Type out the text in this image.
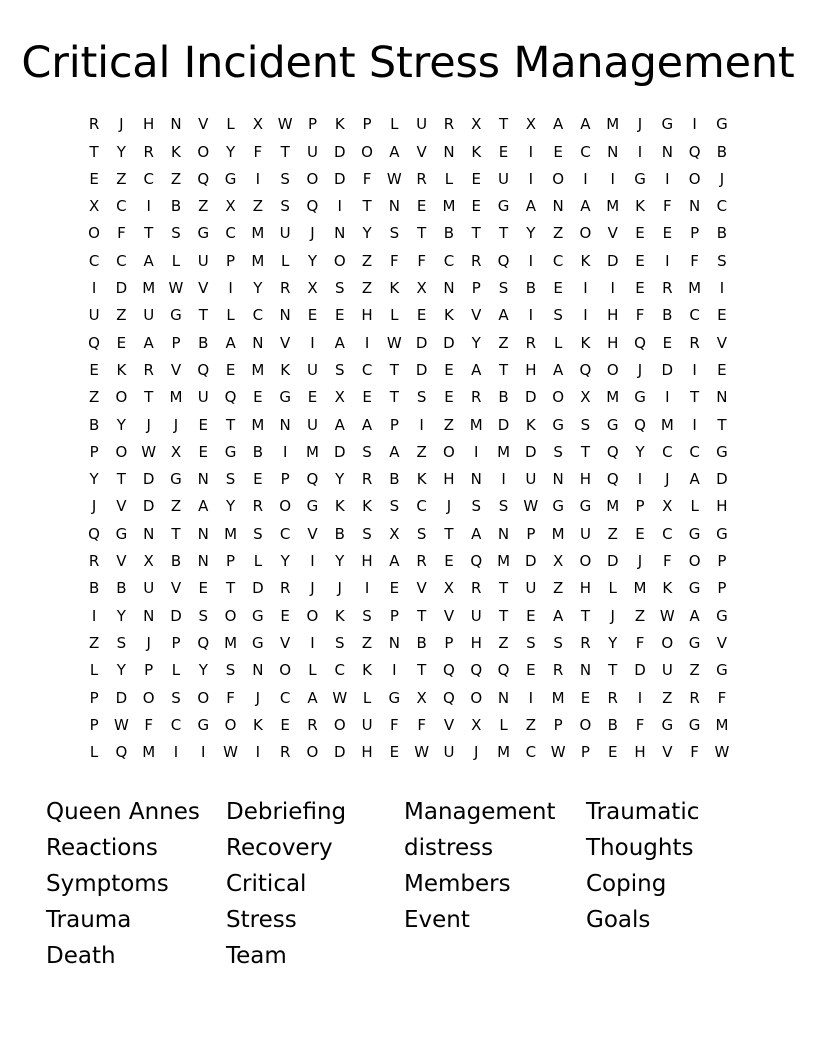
Critical Incident Stress Management
R	J	H	N	V	L	X W	P	K	P	L	U	R	X	T	X	A	A	M	J	G	I	G
T	Y	R	K	O	Y	F	T	U	D	O	A	V	N	K	E	I	E	C	N	I	N	Q	B
E	Z	C	Z	Q	G	I	S	O	D	F	W R	L	E	U	I	O	I	I	G	I	O	J
X	C	I	B	Z	X	Z	S	Q	I	T	N	E	M	E	G	A	N	A	M	K	F	N	C
O	F	T	S	G	C	M	U	J	N	Y	S	T	B	T	T	Y	Z	O	V	E	E	P	B
C	C	A	L	U	P	M	L	Y	O	Z	F	F	C	R	Q	I	C	K	D	E	I	F	S
I	D	M W V	I	Y	R	X	S	Z	K	X	N	P	S	B	E	I	I	E	R	M	I
U	Z	U	G	T	L	C	N	E	E	H	L	E	K	V	A	I	S	I	H	F	B	C	E
Q	E	A	P	B	A	N	V	I	A	I	W D	D	Y	Z	R	L	K	H	Q	E	R	V
E	K	R	V	Q	E	M	K	U	S	C	T	D	E	A	T	H	A	Q	O	J	D	I	E
Z	O	T	M	U	Q	E	G	E	X	E	T	S	E	R	B	D	O	X	M	G	I	T	N
B	Y	J	J	E	T	M	N	U	A	A	P	I	Z	M	D	K	G	S	G	Q M	I	T
P	O W X	E	G	B	I	M	D	S	A	Z	O	I	M	D	S	T	Q	Y	C	C	G
Y	T	D	G	N	S	E	P	Q	Y	R	B	K	H	N	I	U	N	H	Q	I	J	A	D
J	V	D	Z	A	Y	R	O	G	K	K	S	C	J	S	S	W G	G	M	P	X	L	H
Q	G	N	T	N	M	S	C	V	B	S	X	S	T	A	N	P	M	U	Z	E	C	G	G
R	V	X	B	N	P	L	Y	I	Y	H	A	R	E	Q M	D	X	O	D	J	F	O	P
B	B	U	V	E	T	D	R	J	J	I	E	V	X	R	T	U	Z	H	L	M	K	G	P
I	Y	N	D	S	O	G	E	O	K	S	P	T	V	U	T	E	A	T	J	Z W A	G
Z	S	J	P	Q M	G	V	I	S	Z	N	B	P	H	Z	S	S	R	Y	F	O	G	V
L	Y	P	L	Y	S	N	O	L	C	K	I	T	Q	Q	Q	E	R	N	T	D	U	Z	G
P	D	O	S	O	F	J	C	A W	L	G	X	Q	O	N	I	M	E	R	I	Z	R	F
P	W	F	C	G	O	K	E	R	O	U	F	F	V	X	L	Z	P	O	B	F	G	G	M
L	Q M	I	I	W	I	R	O	D	H	E	W U	J	M	C W	P	E	H	V	F	W
Queen Annes
Reactions
Symptoms
Trauma
Death
Debriefing
Recovery
Critical
Stress
Team
Management
distress
Members
Event
Traumatic
Thoughts
Coping
Goals
